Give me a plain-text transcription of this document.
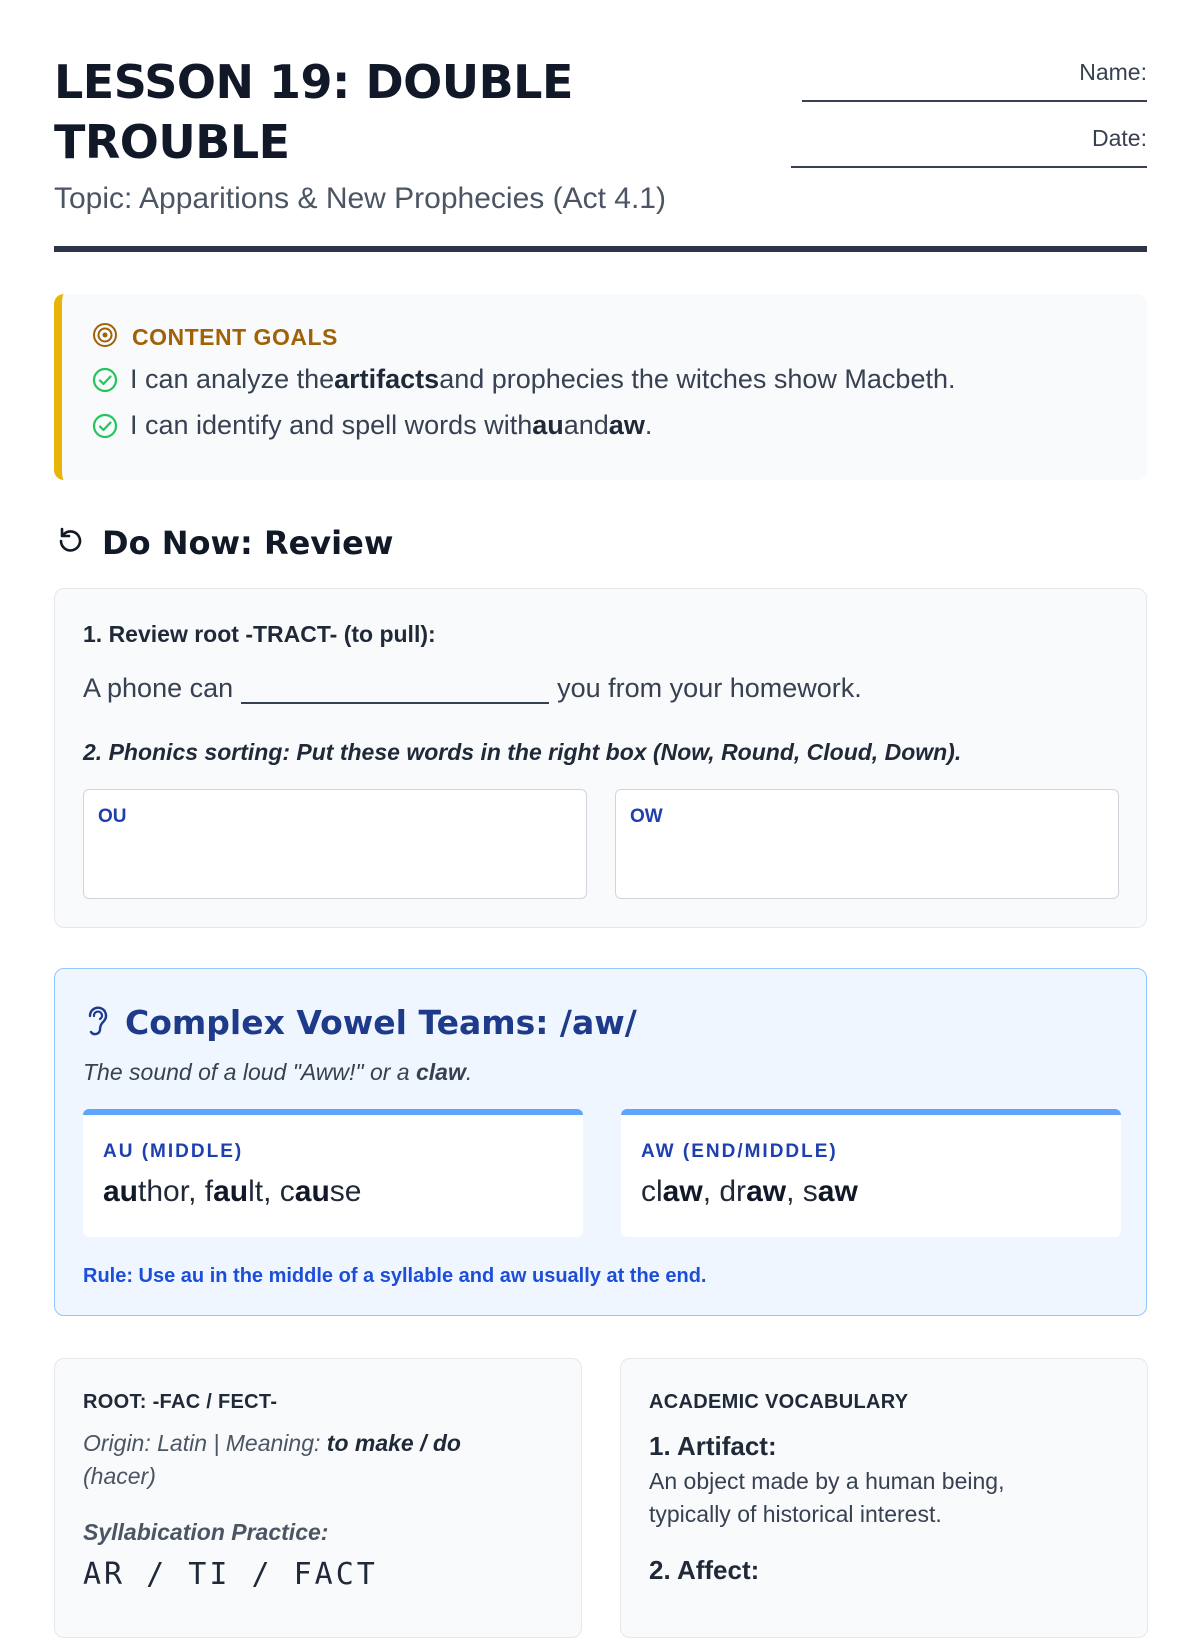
LESSON 19: DOUBLE TROUBLE
Topic: Apparitions & New Prophecies (Act 4.1)
Name:
Date:
CONTENT GOALS
I can analyze theartifactsand prophecies the witches show Macbeth.
I can identify and spell words withauandaw.
Do Now: Review
1. Review root -TRACT- (to pull):
A phone can	you from your homework.
2. Phonics sorting: Put these words in the right box (Now, Round, Cloud, Down).
OU	OW
Complex Vowel Teams: /aw/
The sound of a loud "Aww!" or a claw.
AU (MIDDLE)
author, fault, cause
AW (END/MIDDLE)
claw, draw, saw
Rule: Use au in the middle of a syllable and aw usually at the end.
ROOT: -FAC / FECT-
Origin: Latin | Meaning: to make / do (hacer)
Syllabication Practice:
AR / TI / FACT
ACADEMIC VOCABULARY
1. Artifact:
An object made by a human being, typically of historical interest.
2. Affect:
